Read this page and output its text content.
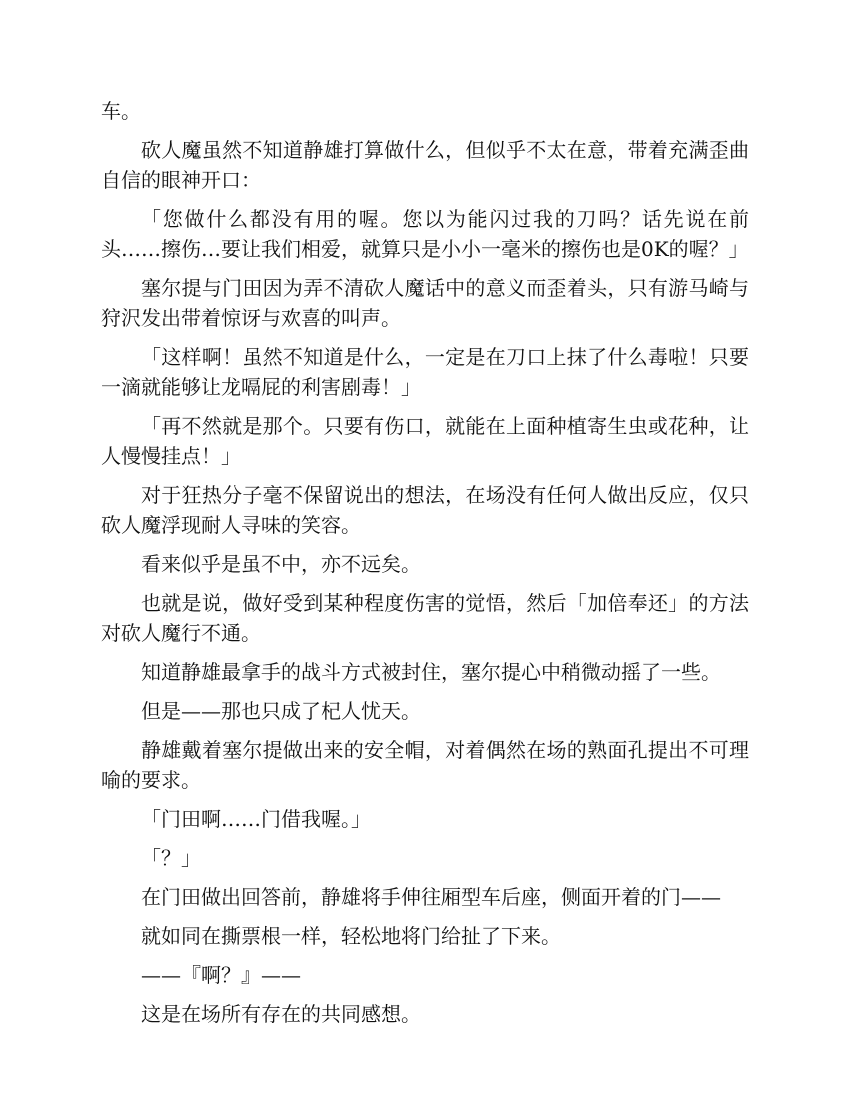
车。

砍人魔虽然不知道静雄打算做什么，但似乎不太在意，带着充满歪曲自信的眼神开口：

「您做什么都没有用的喔。您以为能闪过我的刀吗？话先说在前头……擦伤…要让我们相爱，就算只是小小一毫米的擦伤也是0K的喔？」

塞尔提与门田因为弄不清砍人魔话中的意义而歪着头，只有游马崎与狩沢发出带着惊讶与欢喜的叫声。

「这样啊！虽然不知道是什么，一定是在刀口上抹了什么毒啦！只要一滴就能够让龙嗝屁的利害剧毒！」

「再不然就是那个。只要有伤口，就能在上面种植寄生虫或花种，让人慢慢挂点！」

对于狂热分子毫不保留说出的想法，在场没有任何人做出反应，仅只砍人魔浮现耐人寻味的笑容。

看来似乎是虽不中，亦不远矣。

也就是说，做好受到某种程度伤害的觉悟，然后「加倍奉还」的方法对砍人魔行不通。

知道静雄最拿手的战斗方式被封住，塞尔提心中稍微动摇了一些。

但是——那也只成了杞人忧天。

静雄戴着塞尔提做出来的安全帽，对着偶然在场的熟面孔提出不可理喻的要求。

「门田啊……门借我喔。」

「？」

在门田做出回答前，静雄将手伸往厢型车后座，侧面开着的门——

就如同在撕票根一样，轻松地将门给扯了下来。

——『啊？』——

这是在场所有存在的共同感想。
